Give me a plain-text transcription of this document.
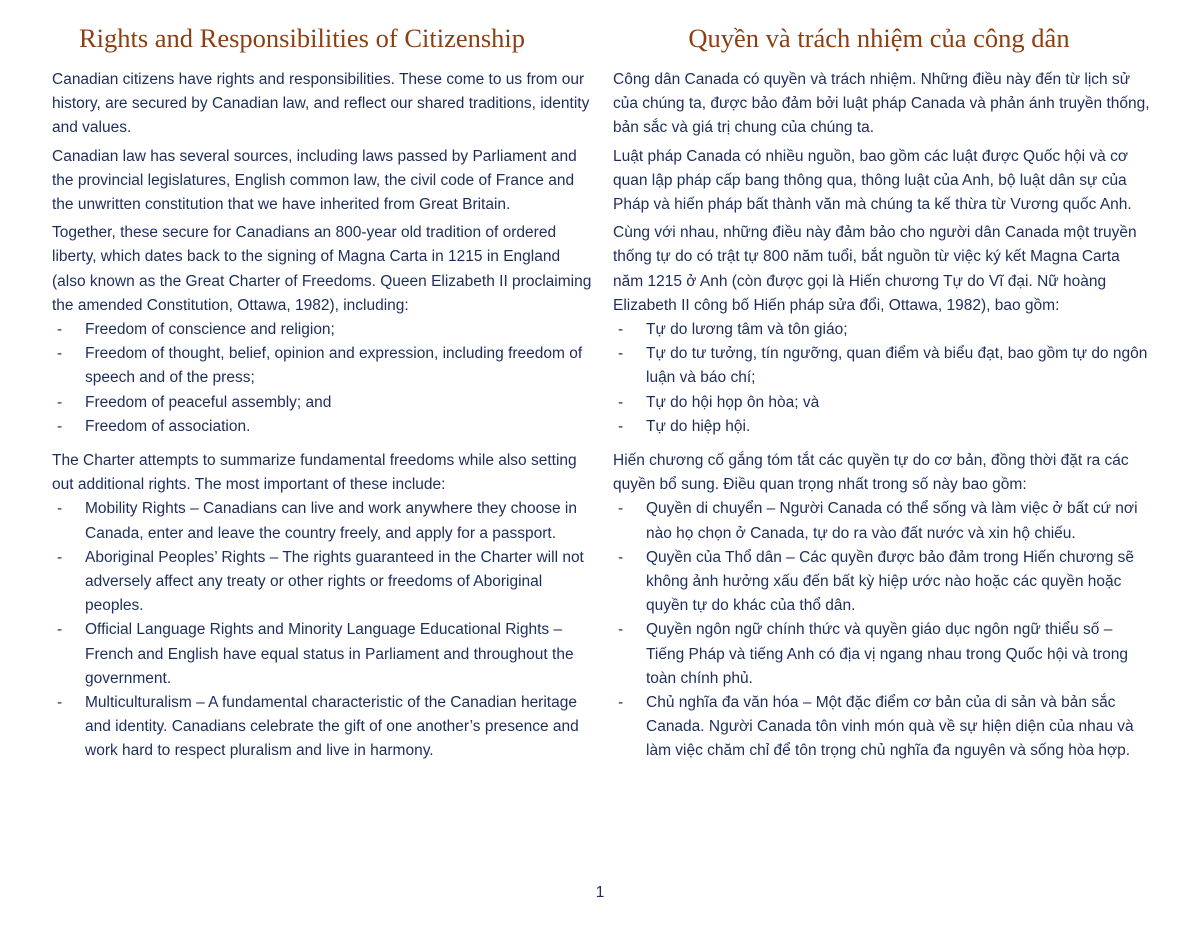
Rights and Responsibilities of Citizenship

Canadian citizens have rights and responsibilities. These come to us from our history, are secured by Canadian law, and reflect our shared traditions, identity and values.

Canadian law has several sources, including laws passed by Parliament and the provincial legislatures, English common law, the civil code of France and the unwritten constitution that we have inherited from Great Britain.

Together, these secure for Canadians an 800-year old tradition of ordered liberty, which dates back to the signing of Magna Carta in 1215 in England (also known as the Great Charter of Freedoms. Queen Elizabeth II proclaiming the amended Constitution, Ottawa, 1982), including:

- Freedom of conscience and religion;
- Freedom of thought, belief, opinion and expression, including freedom of speech and of the press;
- Freedom of peaceful assembly; and
- Freedom of association.

The Charter attempts to summarize fundamental freedoms while also setting out additional rights. The most important of these include:

- Mobility Rights – Canadians can live and work anywhere they choose in Canada, enter and leave the country freely, and apply for a passport.
- Aboriginal Peoples’ Rights – The rights guaranteed in the Charter will not adversely affect any treaty or other rights or freedoms of Aboriginal peoples.
- Official Language Rights and Minority Language Educational Rights – French and English have equal status in Parliament and throughout the government.
- Multiculturalism – A fundamental characteristic of the Canadian heritage and identity. Canadians celebrate the gift of one another’s presence and work hard to respect pluralism and live in harmony.
Quyền và trách nhiệm của công dân

Công dân Canada có quyền và trách nhiệm. Những điều này đến từ lịch sử của chúng ta, được bảo đảm bởi luật pháp Canada và phản ánh truyền thống, bản sắc và giá trị chung của chúng ta.

Luật pháp Canada có nhiều nguồn, bao gồm các luật được Quốc hội và cơ quan lập pháp cấp bang thông qua, thông luật của Anh, bộ luật dân sự của Pháp và hiến pháp bất thành văn mà chúng ta kế thừa từ Vương quốc Anh.

Cùng với nhau, những điều này đảm bảo cho người dân Canada một truyền thống tự do có trật tự 800 năm tuổi, bắt nguồn từ việc ký kết Magna Carta năm 1215 ở Anh (còn được gọi là Hiến chương Tự do Vĩ đại. Nữ hoàng Elizabeth II công bố Hiến pháp sửa đổi, Ottawa, 1982), bao gồm:

- Tự do lương tâm và tôn giáo;
- Tự do tư tưởng, tín ngưỡng, quan điểm và biểu đạt, bao gồm tự do ngôn luận và báo chí;
- Tự do hội họp ôn hòa; và
- Tự do hiệp hội.

Hiến chương cố gắng tóm tắt các quyền tự do cơ bản, đồng thời đặt ra các quyền bổ sung. Điều quan trọng nhất trong số này bao gồm:

- Quyền di chuyển – Người Canada có thể sống và làm việc ở bất cứ nơi nào họ chọn ở Canada, tự do ra vào đất nước và xin hộ chiếu.
- Quyền của Thổ dân – Các quyền được bảo đảm trong Hiến chương sẽ không ảnh hưởng xấu đến bất kỳ hiệp ước nào hoặc các quyền hoặc quyền tự do khác của thổ dân.
- Quyền ngôn ngữ chính thức và quyền giáo dục ngôn ngữ thiểu số – Tiếng Pháp và tiếng Anh có địa vị ngang nhau trong Quốc hội và trong toàn chính phủ.
- Chủ nghĩa đa văn hóa – Một đặc điểm cơ bản của di sản và bản sắc Canada. Người Canada tôn vinh món quà về sự hiện diện của nhau và làm việc chăm chỉ để tôn trọng chủ nghĩa đa nguyên và sống hòa hợp.
1
